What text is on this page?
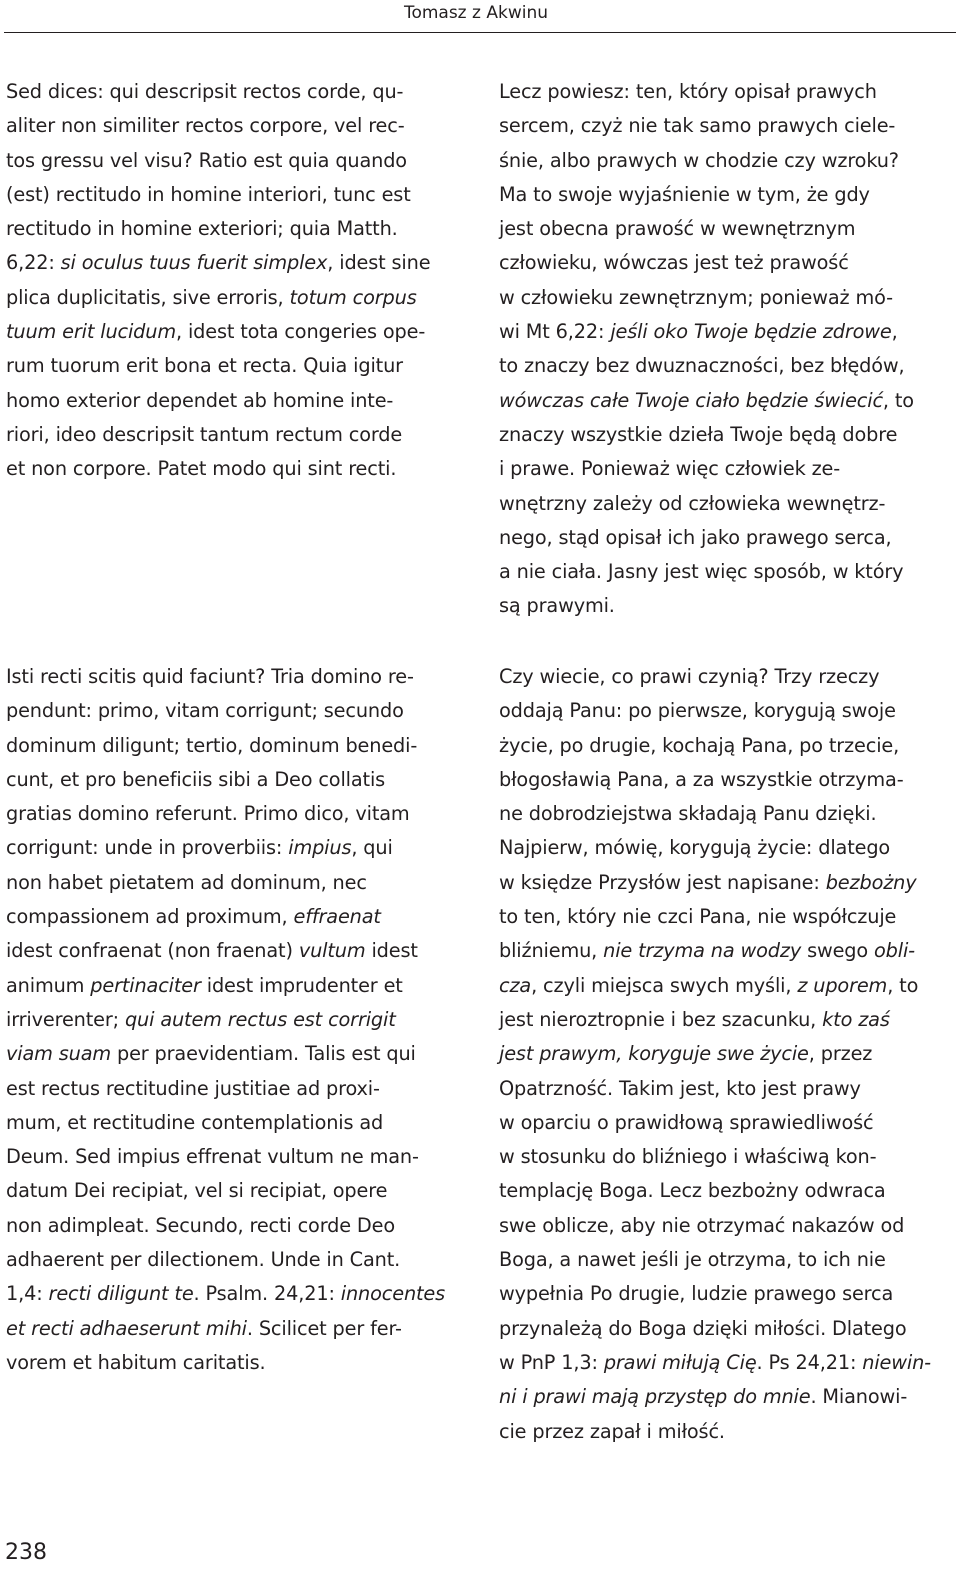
Tomasz z Akwinu
Sed dices: qui descripsit rectos corde, qu-
aliter non similiter rectos corpore, vel rec-
tos gressu vel visu? Ratio est quia quando
(est) rectitudo in homine interiori, tunc est
rectitudo in homine exteriori; quia Matth.
6,22: si oculus tuus fuerit simplex, idest sine
plica duplicitatis, sive erroris, totum corpus
tuum erit lucidum, idest tota congeries ope-
rum tuorum erit bona et recta. Quia igitur
homo exterior dependet ab homine inte-
riori, ideo descripsit tantum rectum corde
et non corpore. Patet modo qui sint recti.
Isti recti scitis quid faciunt? Tria domino re-
pendunt: primo, vitam corrigunt; secundo
dominum diligunt; tertio, dominum benedi-
cunt, et pro beneficiis sibi a Deo collatis
gratias domino referunt. Primo dico, vitam
corrigunt: unde in proverbiis: impius, qui
non habet pietatem ad dominum, nec
compassionem ad proximum, effraenat
idest confraenat (non fraenat) vultum idest
animum pertinaciter idest imprudenter et
irriverenter; qui autem rectus est corrigit
viam suam per praevidentiam. Talis est qui
est rectus rectitudine justitiae ad proxi-
mum, et rectitudine contemplationis ad
Deum. Sed impius effrenat vultum ne man-
datum Dei recipiat, vel si recipiat, opere
non adimpleat. Secundo, recti corde Deo
adhaerent per dilectionem. Unde in Cant.
1,4: recti diligunt te. Psalm. 24,21: innocentes
et recti adhaeserunt mihi. Scilicet per fer-
vorem et habitum caritatis.
Lecz powiesz: ten, który opisał prawych
sercem, czyż nie tak samo prawych ciele-
śnie, albo prawych w chodzie czy wzroku?
Ma to swoje wyjaśnienie w tym, że gdy
jest obecna prawość w wewnętrznym
człowieku, wówczas jest też prawość
w człowieku zewnętrznym; ponieważ mó-
wi Mt 6,22: jeśli oko Twoje będzie zdrowe,
to znaczy bez dwuznaczności, bez błędów,
wówczas całe Twoje ciało będzie świecić, to
znaczy wszystkie dzieła Twoje będą dobre
i prawe. Ponieważ więc człowiek ze-
wnętrzny zależy od człowieka wewnętrz-
nego, stąd opisał ich jako prawego serca,
a nie ciała. Jasny jest więc sposób, w który
są prawymi.
Czy wiecie, co prawi czynią? Trzy rzeczy
oddają Panu: po pierwsze, korygują swoje
życie, po drugie, kochają Pana, po trzecie,
błogosławią Pana, a za wszystkie otrzyma-
ne dobrodziejstwa składają Panu dzięki.
Najpierw, mówię, korygują życie: dlatego
w księdze Przysłów jest napisane: bezbożny
to ten, który nie czci Pana, nie współczuje
bliźniemu, nie trzyma na wodzy swego obli-
cza, czyli miejsca swych myśli, z uporem, to
jest nieroztropnie i bez szacunku, kto zaś
jest prawym, koryguje swe życie, przez
Opatrzność. Takim jest, kto jest prawy
w oparciu o prawidłową sprawiedliwość
w stosunku do bliźniego i właściwą kon-
templację Boga. Lecz bezbożny odwraca
swe oblicze, aby nie otrzymać nakazów od
Boga, a nawet jeśli je otrzyma, to ich nie
wypełnia Po drugie, ludzie prawego serca
przynależą do Boga dzięki miłości. Dlatego
w PnP 1,3: prawi miłują Cię. Ps 24,21: niewin-
ni i prawi mają przystęp do mnie. Mianowi-
cie przez zapał i miłość.
238
